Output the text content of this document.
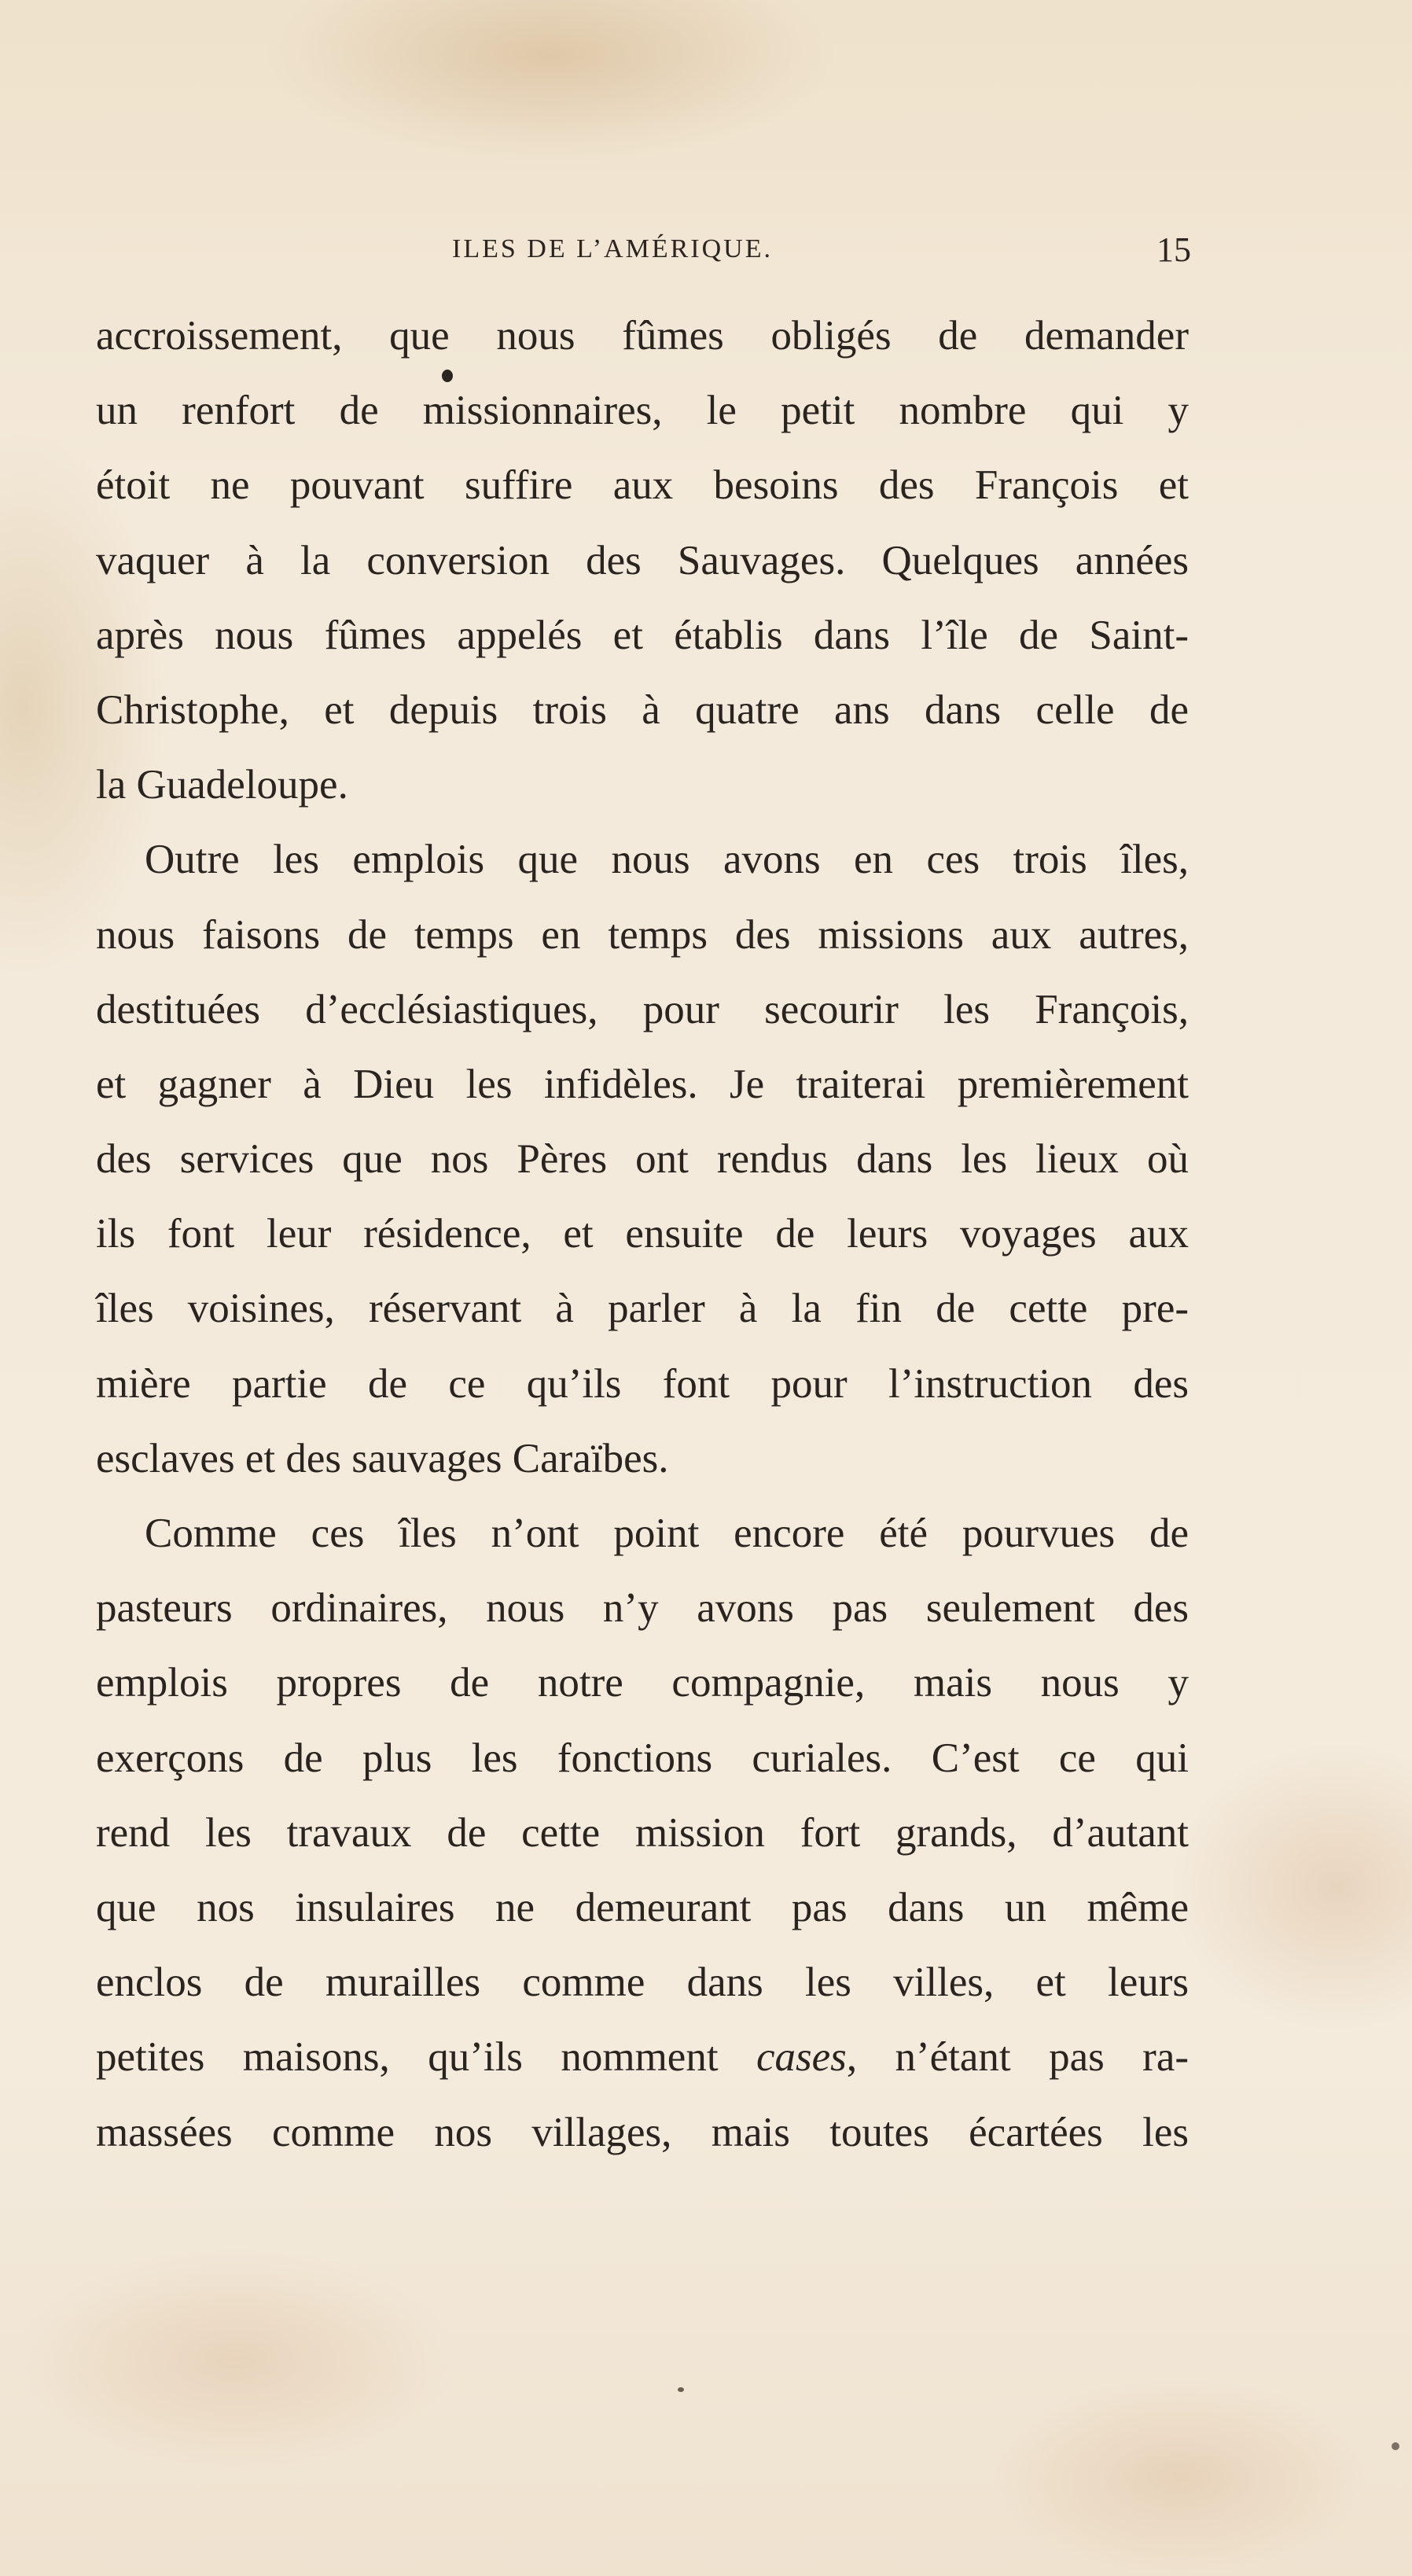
ILES DE L’AMÉRIQUE.	15
accroissement, que nous fûmes obligés de demander
un renfort de missionnaires, le petit nombre qui y
étoit ne pouvant suffire aux besoins des François et
vaquer à la conversion des Sauvages. Quelques années
après nous fûmes appelés et établis dans l’île de Saint-
Christophe, et depuis trois à quatre ans dans celle de
la Guadeloupe.
Outre les emplois que nous avons en ces trois îles,
nous faisons de temps en temps des missions aux autres,
destituées d’ecclésiastiques, pour secourir les François,
et gagner à Dieu les infidèles. Je traiterai premièrement
des services que nos Pères ont rendus dans les lieux où
ils font leur résidence, et ensuite de leurs voyages aux
îles voisines, réservant à parler à la fin de cette pre-
mière partie de ce qu’ils font pour l’instruction des
esclaves et des sauvages Caraïbes.
Comme ces îles n’ont point encore été pourvues de
pasteurs ordinaires, nous n’y avons pas seulement des
emplois propres de notre compagnie, mais nous y
exerçons de plus les fonctions curiales. C’est ce qui
rend les travaux de cette mission fort grands, d’autant
que nos insulaires ne demeurant pas dans un même
enclos de murailles comme dans les villes, et leurs
petites maisons, qu’ils nomment cases, n’étant pas ra-
massées comme nos villages, mais toutes écartées les
